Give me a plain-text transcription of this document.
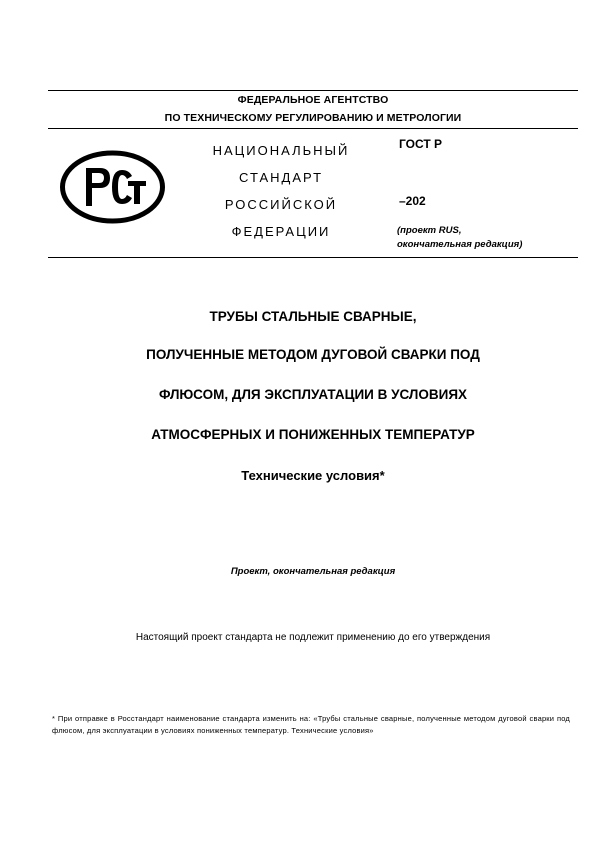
ФЕДЕРАЛЬНОЕ АГЕНТСТВО
ПО ТЕХНИЧЕСКОМУ РЕГУЛИРОВАНИЮ И МЕТРОЛОГИИ
НАЦИОНАЛЬНЫЙ
СТАНДАРТ
РОССИЙСКОЙ
ФЕДЕРАЦИИ
ГОСТ Р
–202
(проект RUS,
окончательная редакция)
ТРУБЫ СТАЛЬНЫЕ СВАРНЫЕ,
ПОЛУЧЕННЫЕ МЕТОДОМ ДУГОВОЙ СВАРКИ ПОД
ФЛЮСОМ, ДЛЯ ЭКСПЛУАТАЦИИ В УСЛОВИЯХ
АТМОСФЕРНЫХ И ПОНИЖЕННЫХ ТЕМПЕРАТУР
Технические условия*
Проект, окончательная редакция
Настоящий проект стандарта не подлежит применению до его утверждения
* При отправке в Росстандарт наименование стандарта изменить на: «Трубы стальные сварные, полученные методом дуговой сварки под флюсом, для эксплуатации в условиях пониженных температур. Технические условия»
